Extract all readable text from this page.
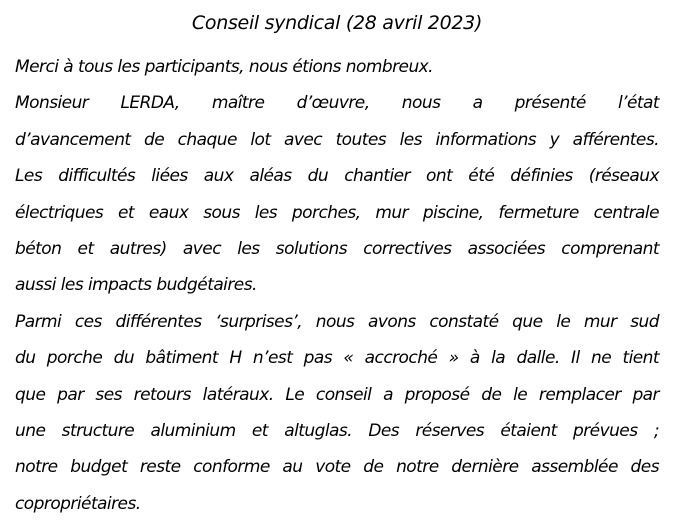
Conseil syndical (28 avril 2023)
Merci à tous les participants, nous étions nombreux.
Monsieur LERDA, maître d’œuvre, nous a présenté l’état
d’avancement de chaque lot avec toutes les informations y afférentes.
Les difficultés liées aux aléas du chantier ont été définies (réseaux
électriques et eaux sous les porches, mur piscine, fermeture centrale
béton et autres) avec les solutions correctives associées comprenant
aussi les impacts budgétaires.
Parmi ces différentes ‘surprises’, nous avons constaté que le mur sud
du porche du bâtiment H n’est pas « accroché » à la dalle. Il ne tient
que par ses retours latéraux. Le conseil a proposé de le remplacer par
une structure aluminium et altuglas. Des réserves étaient prévues ;
notre budget reste conforme au vote de notre dernière assemblée des
copropriétaires.
